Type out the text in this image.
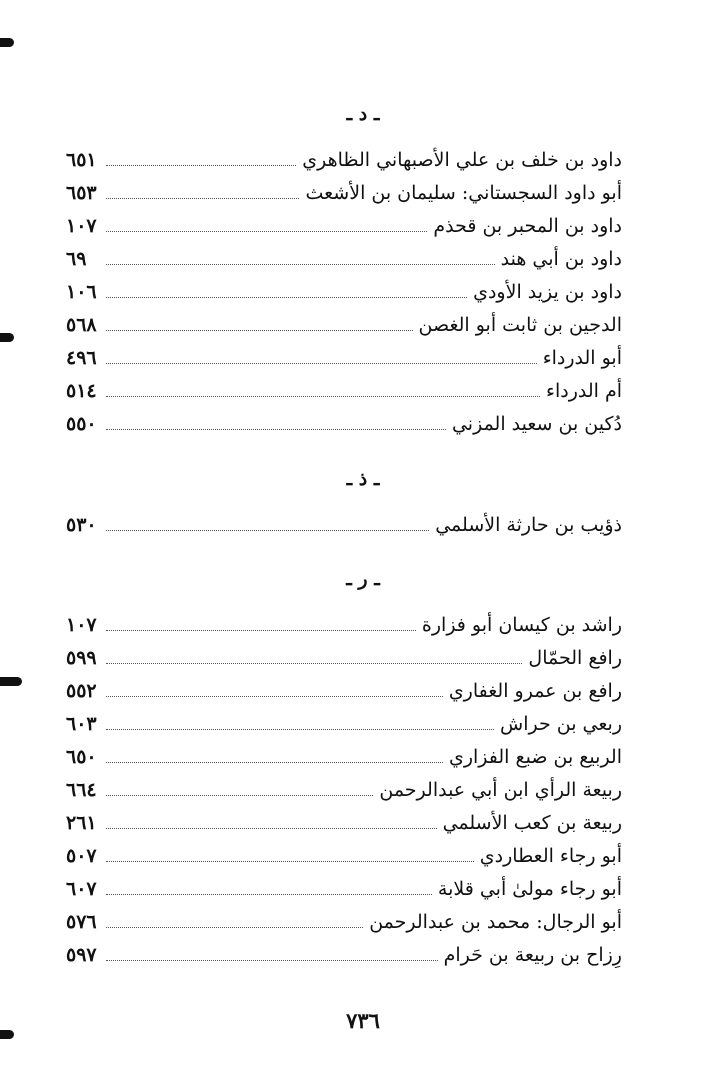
ـ د ـ
داود بن خلف بن علي الأصبهاني الظاهري
٦٥١
أبو داود السجستاني: سليمان بن الأشعث
٦٥٣
داود بن المحبر بن قحذم
١٠٧
داود بن أبي هند
٦٩
داود بن يزيد الأودي
١٠٦
الدجين بن ثابت أبو الغصن
٥٦٨
أبو الدرداء
٤٩٦
أم الدرداء
٥١٤
دُكين بن سعيد المزني
٥٥٠
ـ ذ ـ
ذؤيب بن حارثة الأسلمي
٥٣٠
ـ ر ـ
راشد بن كيسان أبو فزارة
١٠٧
رافع الحمّال
٥٩٩
رافع بن عمرو الغفاري
٥٥٢
ربعي بن حراش
٦٠٣
الربيع بن ضبع الفزاري
٦٥٠
ربيعة الرأي ابن أبي عبدالرحمن
٦٦٤
ربيعة بن كعب الأسلمي
٢٦١
أبو رجاء العطاردي
٥٠٧
أبو رجاء مولىٰ أبي قلابة
٦٠٧
أبو الرجال: محمد بن عبدالرحمن
٥٧٦
رِزاح بن ربيعة بن حَرام
٥٩٧
٧٣٦
